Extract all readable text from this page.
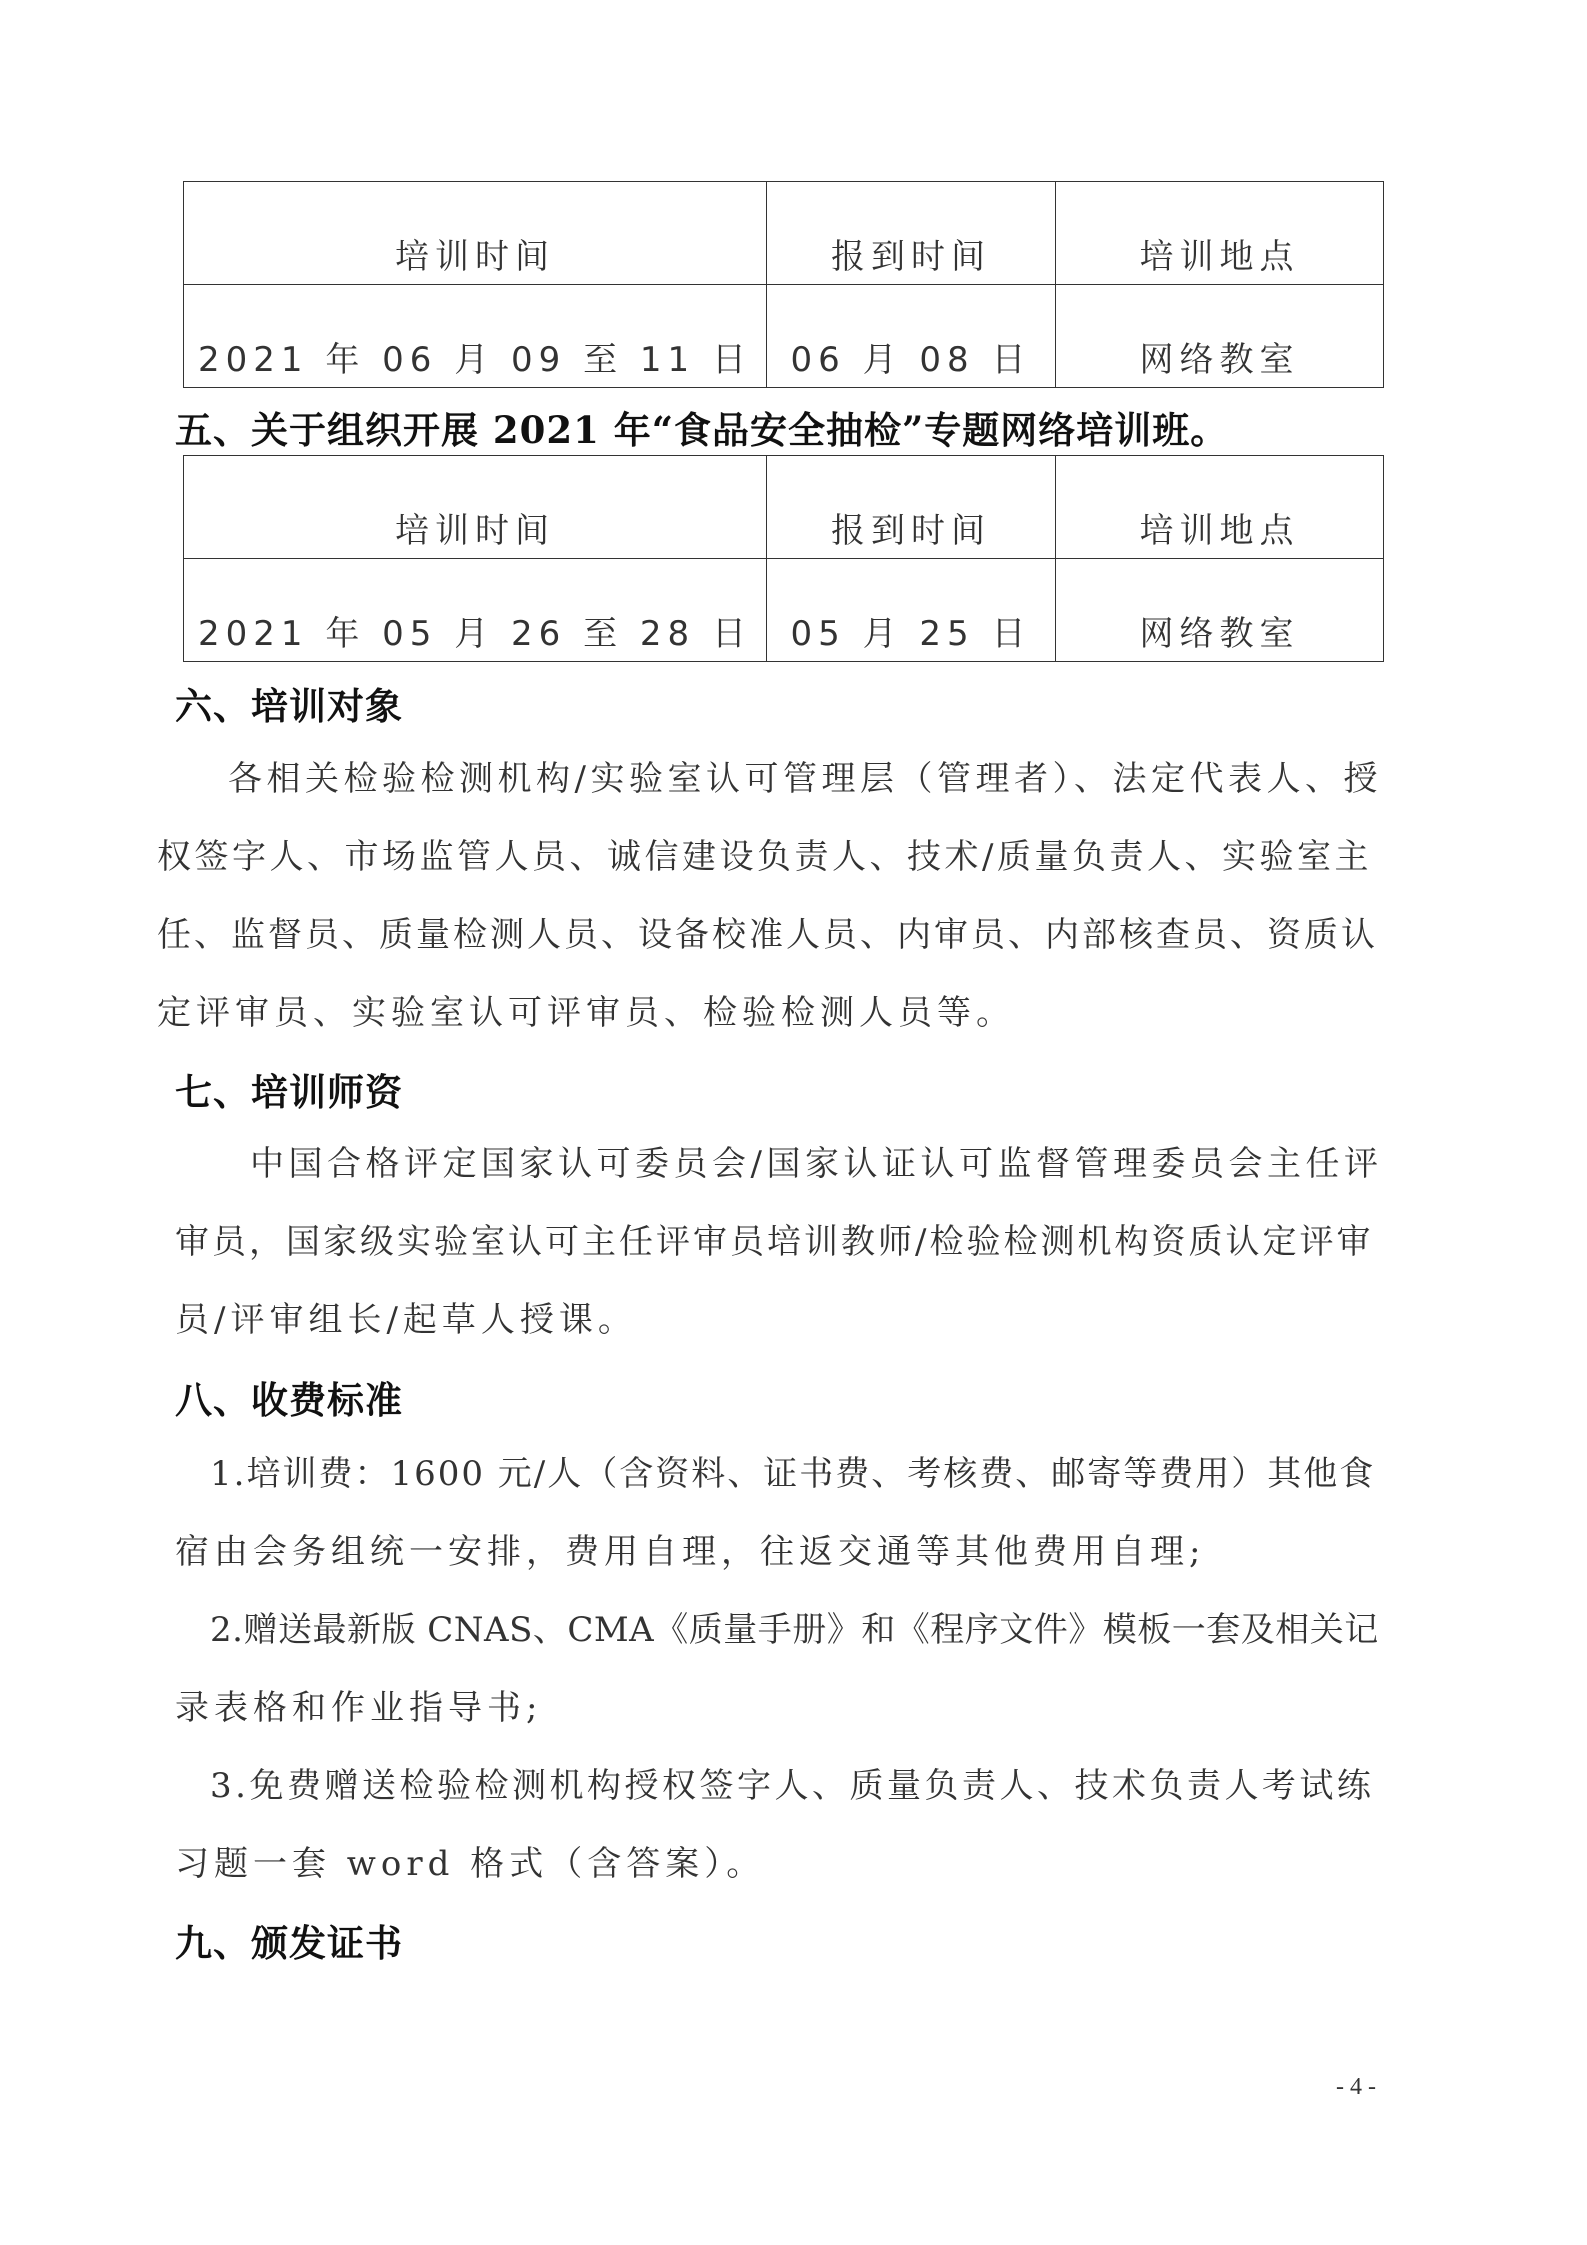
培训时间	报到时间	培训地点
2021 年 06 月 09 至 11 日	06 月 08 日	网络教室
五、关于组织开展 2021 年“食品安全抽检”专题网络培训班。
培训时间	报到时间	培训地点
2021 年 05 月 26 至 28 日	05 月 25 日	网络教室
六、培训对象
各相关检验检测机构/实验室认可管理层（管理者）、法定代表人、授
权签字人、市场监管人员、诚信建设负责人、技术/质量负责人、实验室主
任、监督员、质量检测人员、设备校准人员、内审员、内部核查员、资质认
定评审员、实验室认可评审员、检验检测人员等。
七、培训师资
中国合格评定国家认可委员会/国家认证认可监督管理委员会主任评
审员，国家级实验室认可主任评审员培训教师/检验检测机构资质认定评审
员/评审组长/起草人授课。
八、收费标准
1.培训费：1600 元/人（含资料、证书费、考核费、邮寄等费用）其他食
宿由会务组统一安排，费用自理，往返交通等其他费用自理;
2.赠送最新版 CNAS、CMA《质量手册》和《程序文件》模板一套及相关记
录表格和作业指导书;
3.免费赠送检验检测机构授权签字人、质量负责人、技术负责人考试练
习题一套 word 格式（含答案）。
九、颁发证书
- 4 -
